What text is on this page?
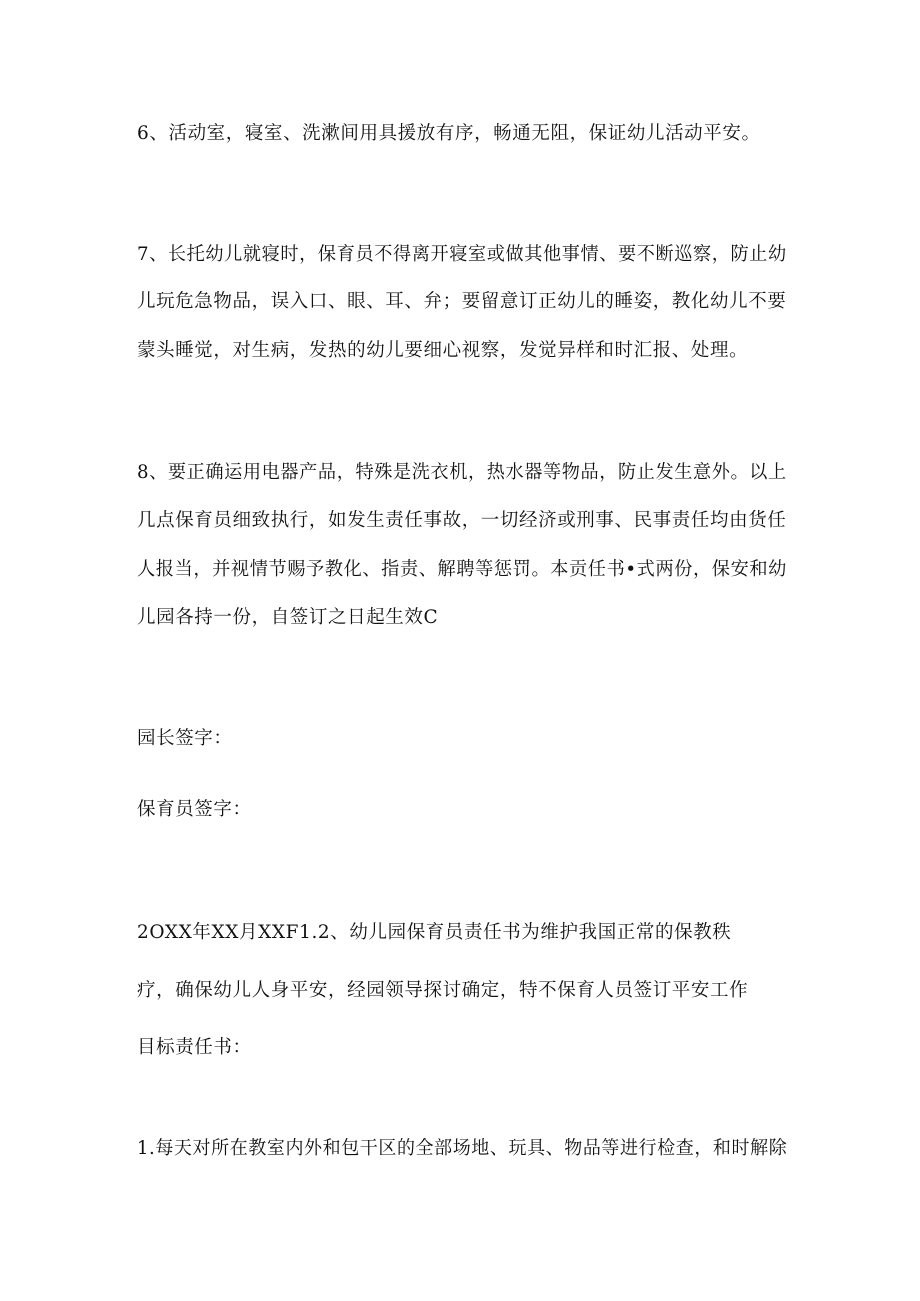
6、活动室，寝室、洗漱间用具援放有序，畅通无阻，保证幼儿活动平安。
7、长托幼儿就寝时，保育员不得离开寝室或做其他事情、要不断巡察，防止幼
儿玩危急物品，误入口、眼、耳、弁；要留意订正幼儿的睡姿，教化幼儿不要
蒙头睡觉，对生病，发热的幼儿要细心视察，发觉异样和时汇报、处理。
8、要正确运用电器产品，特殊是洗衣机，热水器等物品，防止发生意外。以上
几点保育员细致执行，如发生责任事故，一切经济或刑事、民事责任均由货任
人报当，并视情节赐予教化、指责、解聘等惩罚。本贡任书•式两份，保安和幼
儿园各持一份，自签订之日起生效C
园长签字：
保育员签字：
2OXX年XX月XXF1.2、幼儿园保育员责任书为维护我国正常的保教秩
疗，确保幼儿人身平安，经园领导探讨确定，特不保育人员签订平安工作
目标责任书：
1.每天对所在教室内外和包干区的全部场地、玩具、物品等进行检查，和时解除
